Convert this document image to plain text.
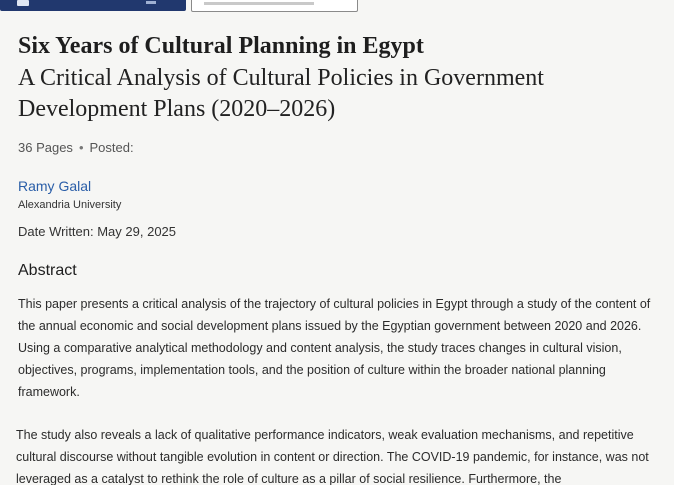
Six Years of Cultural Planning in Egypt
A Critical Analysis of Cultural Policies in Government Development Plans (2020–2026)
36 Pages • Posted:
Ramy Galal
Alexandria University
Date Written: May 29, 2025
Abstract

This paper presents a critical analysis of the trajectory of cultural policies in Egypt through a study of the content of the annual economic and social development plans issued by the Egyptian government between 2020 and 2026. Using a comparative analytical methodology and content analysis, the study traces changes in cultural vision, objectives, programs, implementation tools, and the position of culture within the broader national planning framework.

The study also reveals a lack of qualitative performance indicators, weak evaluation mechanisms, and repetitive cultural discourse without tangible evolution in content or direction. The COVID-19 pandemic, for instance, was not leveraged as a catalyst to rethink the role of culture as a pillar of social resilience. Furthermore, the
